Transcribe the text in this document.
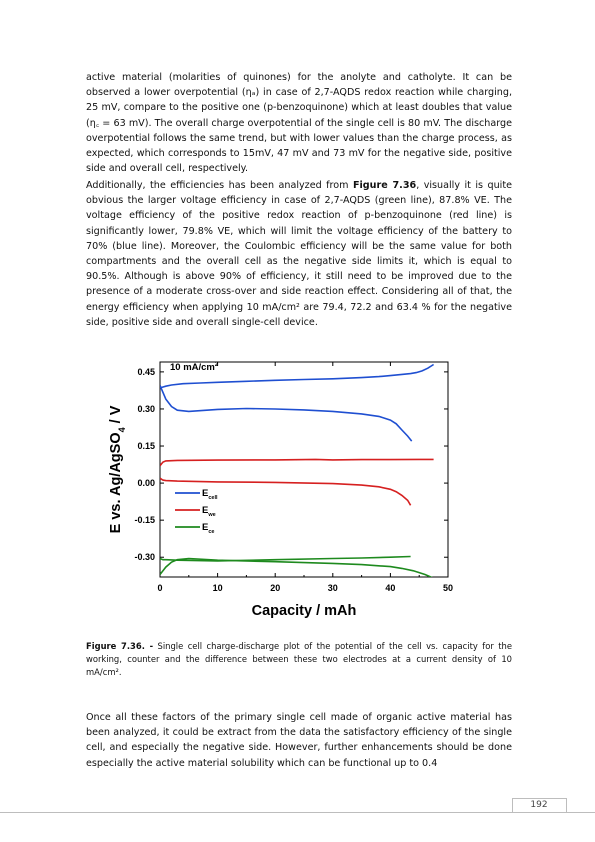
active material (molarities of quinones) for the anolyte and catholyte. It can be observed a lower overpotential (ηₐ) in case of 2,7-AQDS redox reaction while charging, 25 mV, compare to the positive one (p-benzoquinone) which at least doubles that value (η꜀ = 63 mV). The overall charge overpotential of the single cell is 80 mV. The discharge overpotential follows the same trend, but with lower values than the charge process, as expected, which corresponds to 15mV, 47 mV and 73 mV for the negative side, positive side and overall cell, respectively.

Additionally, the efficiencies has been analyzed from Figure 7.36, visually it is quite obvious the larger voltage efficiency in case of 2,7-AQDS (green line), 87.8% VE. The voltage efficiency of the positive redox reaction of p-benzoquinone (red line) is significantly lower, 79.8% VE, which will limit the voltage efficiency of the battery to 70% (blue line). Moreover, the Coulombic efficiency will be the same value for both compartments and the overall cell as the negative side limits it, which is equal to 90.5%. Although is above 90% of efficiency, it still need to be improved due to the presence of a moderate cross-over and side reaction effect. Considering all of that, the energy efficiency when applying 10 mA/cm² are 79.4, 72.2 and 63.4 % for the negative side, positive side and overall single-cell device.

0	10	20	30	40	50
-0.30
-0.15
0.00
0.15
0.30
0.45
Capacity / mAh
E vs. Ag/AgSO$_4$ / V
10 $mA/cm^2$
$E_{cell}$
$E_{we}$
$E_{ce}$

Figure 7.36. - Single cell charge-discharge plot of the potential of the cell vs. capacity for the working, counter and the difference between these two electrodes at a current density of 10 mA/cm².

Once all these factors of the primary single cell made of organic active material has been analyzed, it could be extract from the data the satisfactory efficiency of the single cell, and especially the negative side. However, further enhancements should be done especially the active material solubility which can be functional up to 0.4

192
